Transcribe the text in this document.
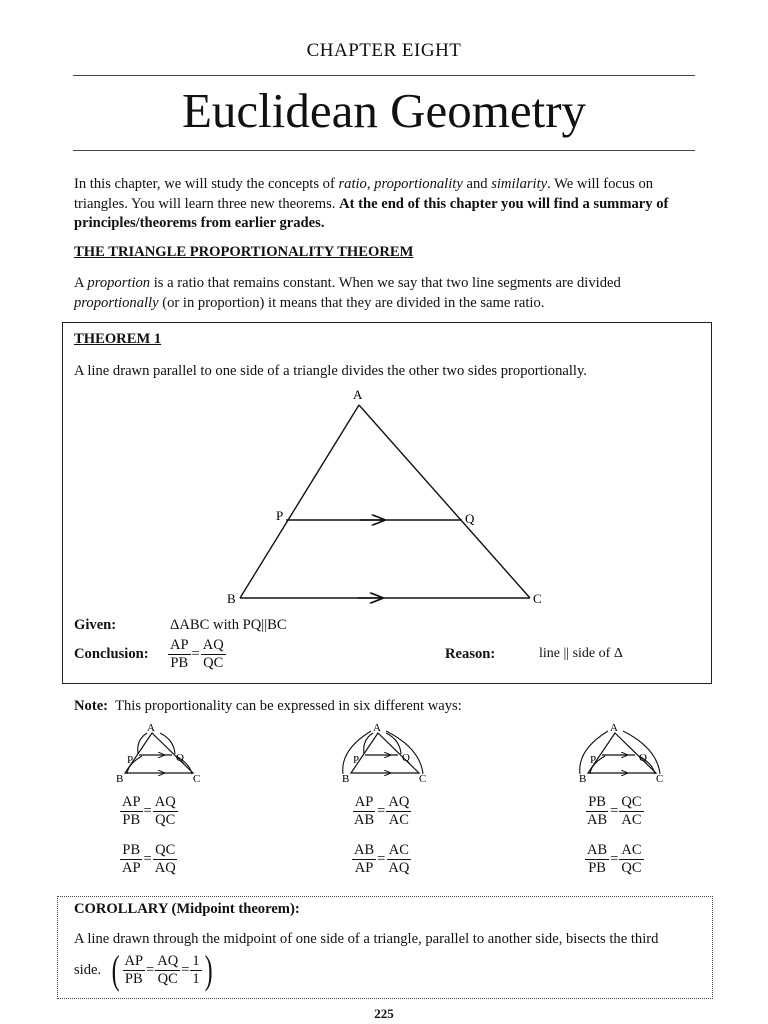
CHAPTER EIGHT
Euclidean Geometry
In this chapter, we will study the concepts of ratio, proportionality and similarity. We will focus on triangles. You will learn three new theorems. At the end of this chapter you will find a summary of principles/theorems from earlier grades.
THE TRIANGLE PROPORTIONALITY THEOREM
A proportion is a ratio that remains constant. When we say that two line segments are divided proportionally (or in proportion) it means that they are divided in the same ratio.
THEOREM 1
A line drawn parallel to one side of a triangle divides the other two sides proportionally.
A
P	Q
B	C
Given:	ΔABC with PQ||BC
Conclusion: $\frac{AP}{PB} = \frac{AQ}{QC}$	Reason:	line || side of Δ
Note: This proportionality can be expressed in six different ways:
A
P	Q
B	C
A
P	Q
B	C
A
P	Q
B	C
$\frac{AP}{PB} = \frac{AQ}{QC}$	$\frac{AP}{AB} = \frac{AQ}{AC}$	$\frac{PB}{AB} = \frac{QC}{AC}$
$\frac{PB}{AP} = \frac{QC}{AQ}$	$\frac{AB}{AP} = \frac{AC}{AQ}$	$\frac{AB}{PB} = \frac{AC}{QC}$
COROLLARY (Midpoint theorem):
A line drawn through the midpoint of one side of a triangle, parallel to another side, bisects the third
side. ( $\frac{AP}{PB} = \frac{AQ}{QC} = \frac{1}{1}$ )
225
